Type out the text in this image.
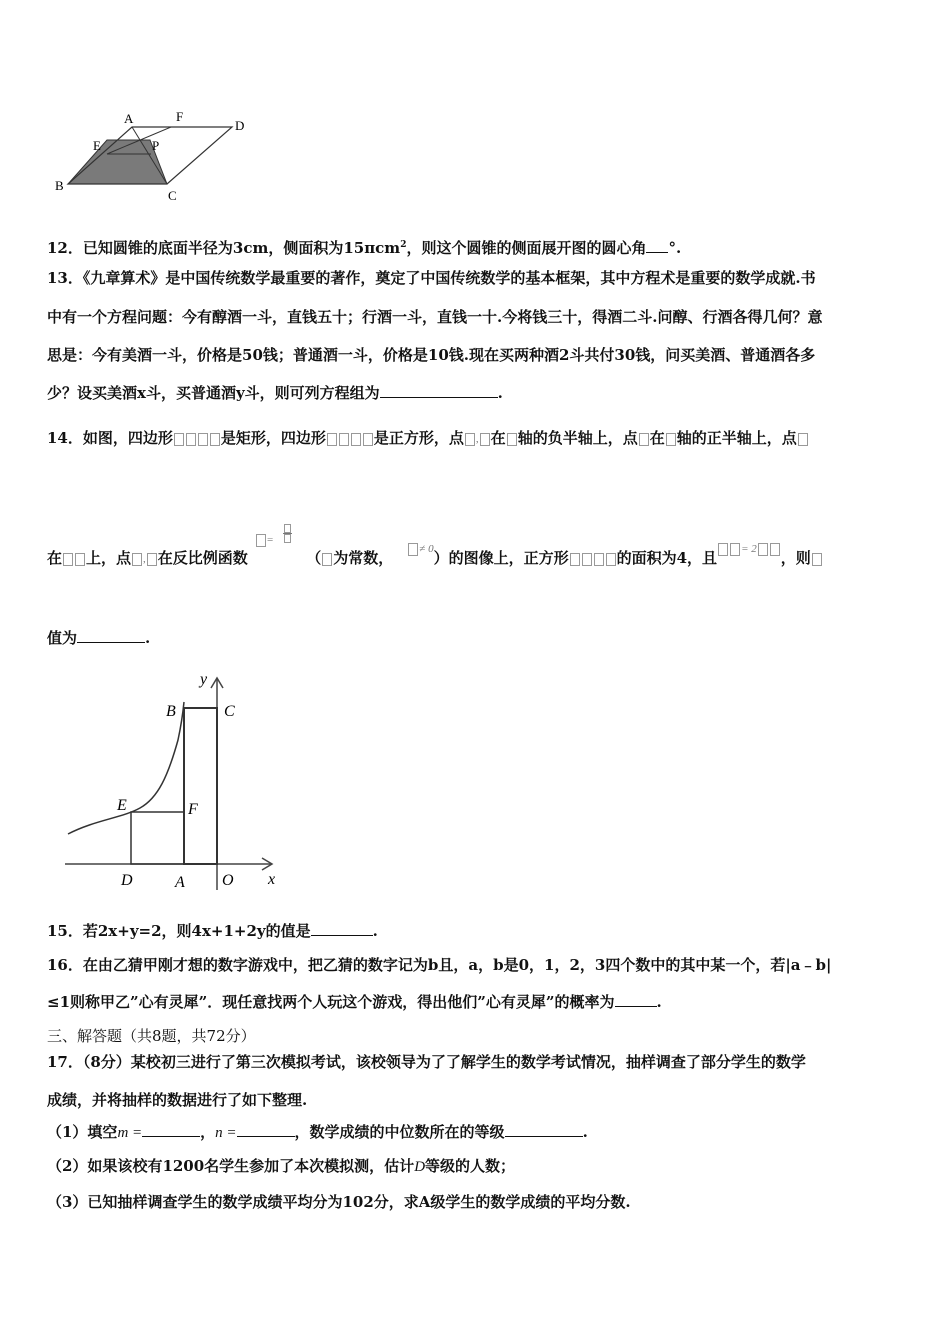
A	F
D
E	P
B
C
12．已知圆锥的底面半径为3cm，侧面积为15πcm$^2$，则这个圆锥的侧面展开图的圆心角 °.
13．《九章算术》是中国传统数学最重要的著作，奠定了中国传统数学的基本框架，其中方程术是重要的数学成就.书
中有一个方程问题：今有醇酒一斗，直钱五十；行酒一斗，直钱一十.今将钱三十，得酒二斗.问醇、行酒各得几何？意
思是：今有美酒一斗，价格是50钱；普通酒一斗，价格是10钱.现在买两种酒2斗共付30钱，问买美酒、普通酒各多
少？设买美酒x斗，买普通酒y斗，则可列方程组为	.
14．如图，四边形	是矩形，四边形	是正方形，点 , 在 轴的负半轴上，点 在 轴的正半轴上，点
在 上，点 , 在反比例函数
=

（ 为常数， ≠ 0）的图像上，正方形	的面积为4，且 = 2 ，则
值为	.
y
B	C
E	F
D	A O x
15．若2x+y=2，则4x+1+2y的值是	.
16．在由乙猜甲刚才想的数字游戏中，把乙猜的数字记为b且，a，b是0，1，2，3四个数中的其中某一个，若|a﹣b|
≤1则称甲乙”心有灵犀”．现任意找两个人玩这个游戏，得出他们”心有灵犀”的概率为	.
三、解答题（共8题，共72分）
17．（8分）某校初三进行了第三次模拟考试，该校领导为了了解学生的数学考试情况，抽样调查了部分学生的数学
成绩，并将抽样的数据进行了如下整理.
（1）填空m =	，n =	，数学成绩的中位数所在的等级	.
（2）如果该校有1200名学生参加了本次模拟测，估计D等级的人数；
（3）已知抽样调查学生的数学成绩平均分为102分，求A级学生的数学成绩的平均分数.
